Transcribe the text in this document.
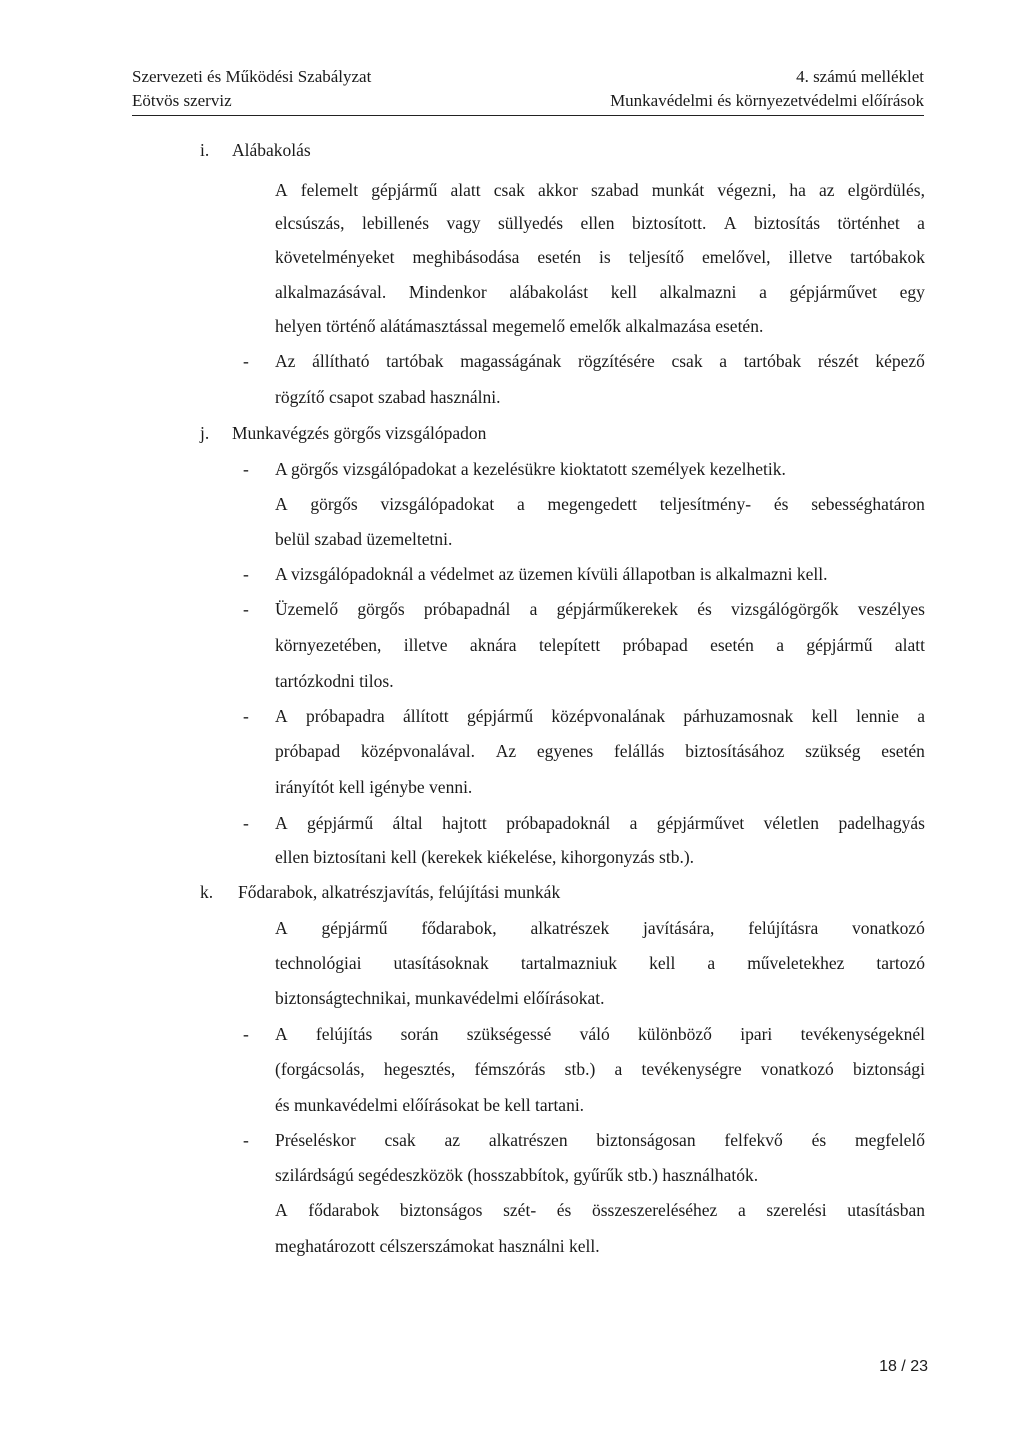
Szervezeti és Működési Szabályzat
Eötvös szerviz
4. számú melléklet
Munkavédelmi és környezetvédelmi előírások
i. Alábakolás
A felemelt gépjármű alatt csak akkor szabad munkát végezni, ha az elgördülés,
elcsúszás, lebillenés vagy süllyedés ellen biztosított. A biztosítás történhet a
követelményeket meghibásodása esetén is teljesítő emelővel, illetve tartóbakok
alkalmazásával. Mindenkor alábakolást kell alkalmazni a gépjárművet egy
helyen történő alátámasztással megemelő emelők alkalmazása esetén.
- Az állítható tartóbak magasságának rögzítésére csak a tartóbak részét képező
rögzítő csapot szabad használni.
j. Munkavégzés görgős vizsgálópadon
- A görgős vizsgálópadokat a kezelésükre kioktatott személyek kezelhetik.
A görgős vizsgálópadokat a megengedett teljesítmény- és sebességhatáron
belül szabad üzemeltetni.
- A vizsgálópadoknál a védelmet az üzemen kívüli állapotban is alkalmazni kell.
- Üzemelő görgős próbapadnál a gépjárműkerekek és vizsgálógörgők veszélyes
környezetében, illetve aknára telepített próbapad esetén a gépjármű alatt
tartózkodni tilos.
- A próbapadra állított gépjármű középvonalának párhuzamosnak kell lennie a
próbapad középvonalával. Az egyenes felállás biztosításához szükség esetén
irányítót kell igénybe venni.
- A gépjármű által hajtott próbapadoknál a gépjárművet véletlen padelhagyás
ellen biztosítani kell (kerekek kiékelése, kihorgonyzás stb.).
k. Fődarabok, alkatrészjavítás, felújítási munkák
A gépjármű fődarabok, alkatrészek javítására, felújításra vonatkozó
technológiai utasításoknak tartalmazniuk kell a műveletekhez tartozó
biztonságtechnikai, munkavédelmi előírásokat.
- A felújítás során szükségessé váló különböző ipari tevékenységeknél
(forgácsolás, hegesztés, fémszórás stb.) a tevékenységre vonatkozó biztonsági
és munkavédelmi előírásokat be kell tartani.
- Préseléskor csak az alkatrészen biztonságosan felfekvő és megfelelő
szilárdságú segédeszközök (hosszabbítok, gyűrűk stb.) használhatók.
A fődarabok biztonságos szét- és összeszereléséhez a szerelési utasításban
meghatározott célszerszámokat használni kell.
18 / 23
